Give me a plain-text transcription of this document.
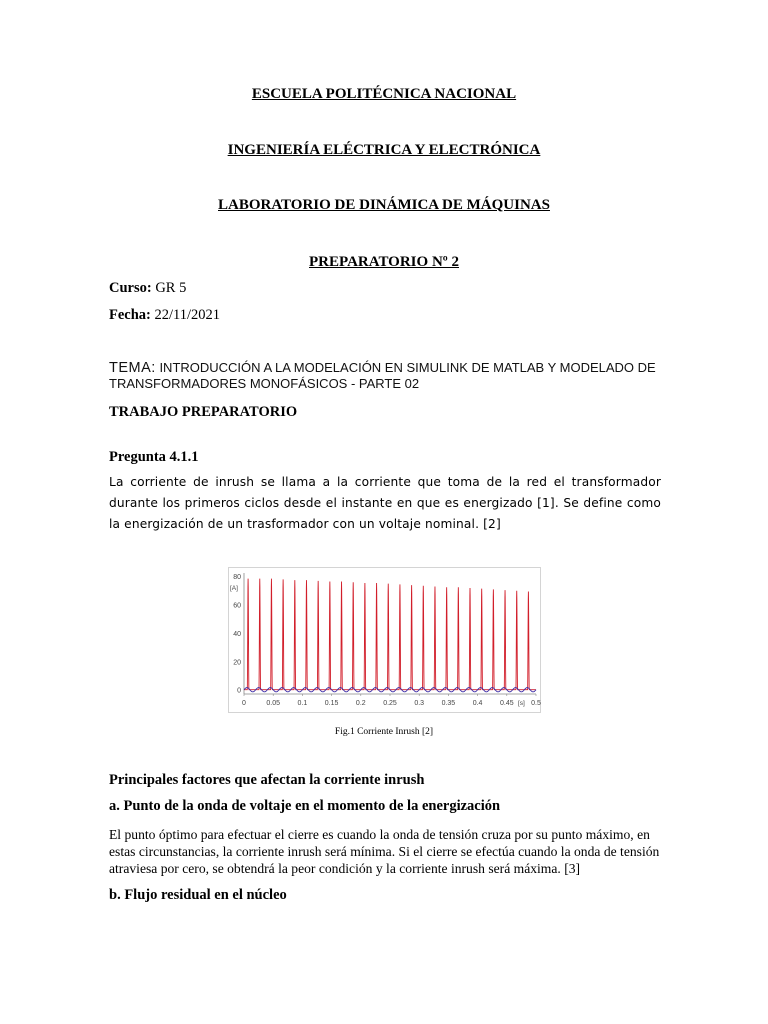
ESCUELA POLITÉCNICA NACIONAL
INGENIERÍA ELÉCTRICA Y ELECTRÓNICA
LABORATORIO DE DINÁMICA DE MÁQUINAS
PREPARATORIO Nº 2
Curso: GR 5
Fecha: 22/11/2021
TEMA: INTRODUCCIÓN A LA MODELACIÓN EN SIMULINK DE MATLAB Y MODELADO DE TRANSFORMADORES MONOFÁSICOS - PARTE 02
TRABAJO PREPARATORIO
Pregunta 4.1.1
La corriente de inrush se llama a la corriente que toma de la red el transformador durante los primeros ciclos desde el instante en que es energizado [1]. Se define como la energización de un trasformador con un voltaje nominal. [2]
0
20
40
60
80
[A]
0	0.05	0.1	0.15	0.2	0.25	0.3	0.35	0.4	0.45	0.5
[s]
Fig.1 Corriente Inrush [2]
Principales factores que afectan la corriente inrush
a. Punto de la onda de voltaje en el momento de la energización
El punto óptimo para efectuar el cierre es cuando la onda de tensión cruza por su punto máximo, en estas circunstancias, la corriente inrush será mínima. Si el cierre se efectúa cuando la onda de tensión atraviesa por cero, se obtendrá la peor condición y la corriente inrush será máxima. [3]
b. Flujo residual en el núcleo
